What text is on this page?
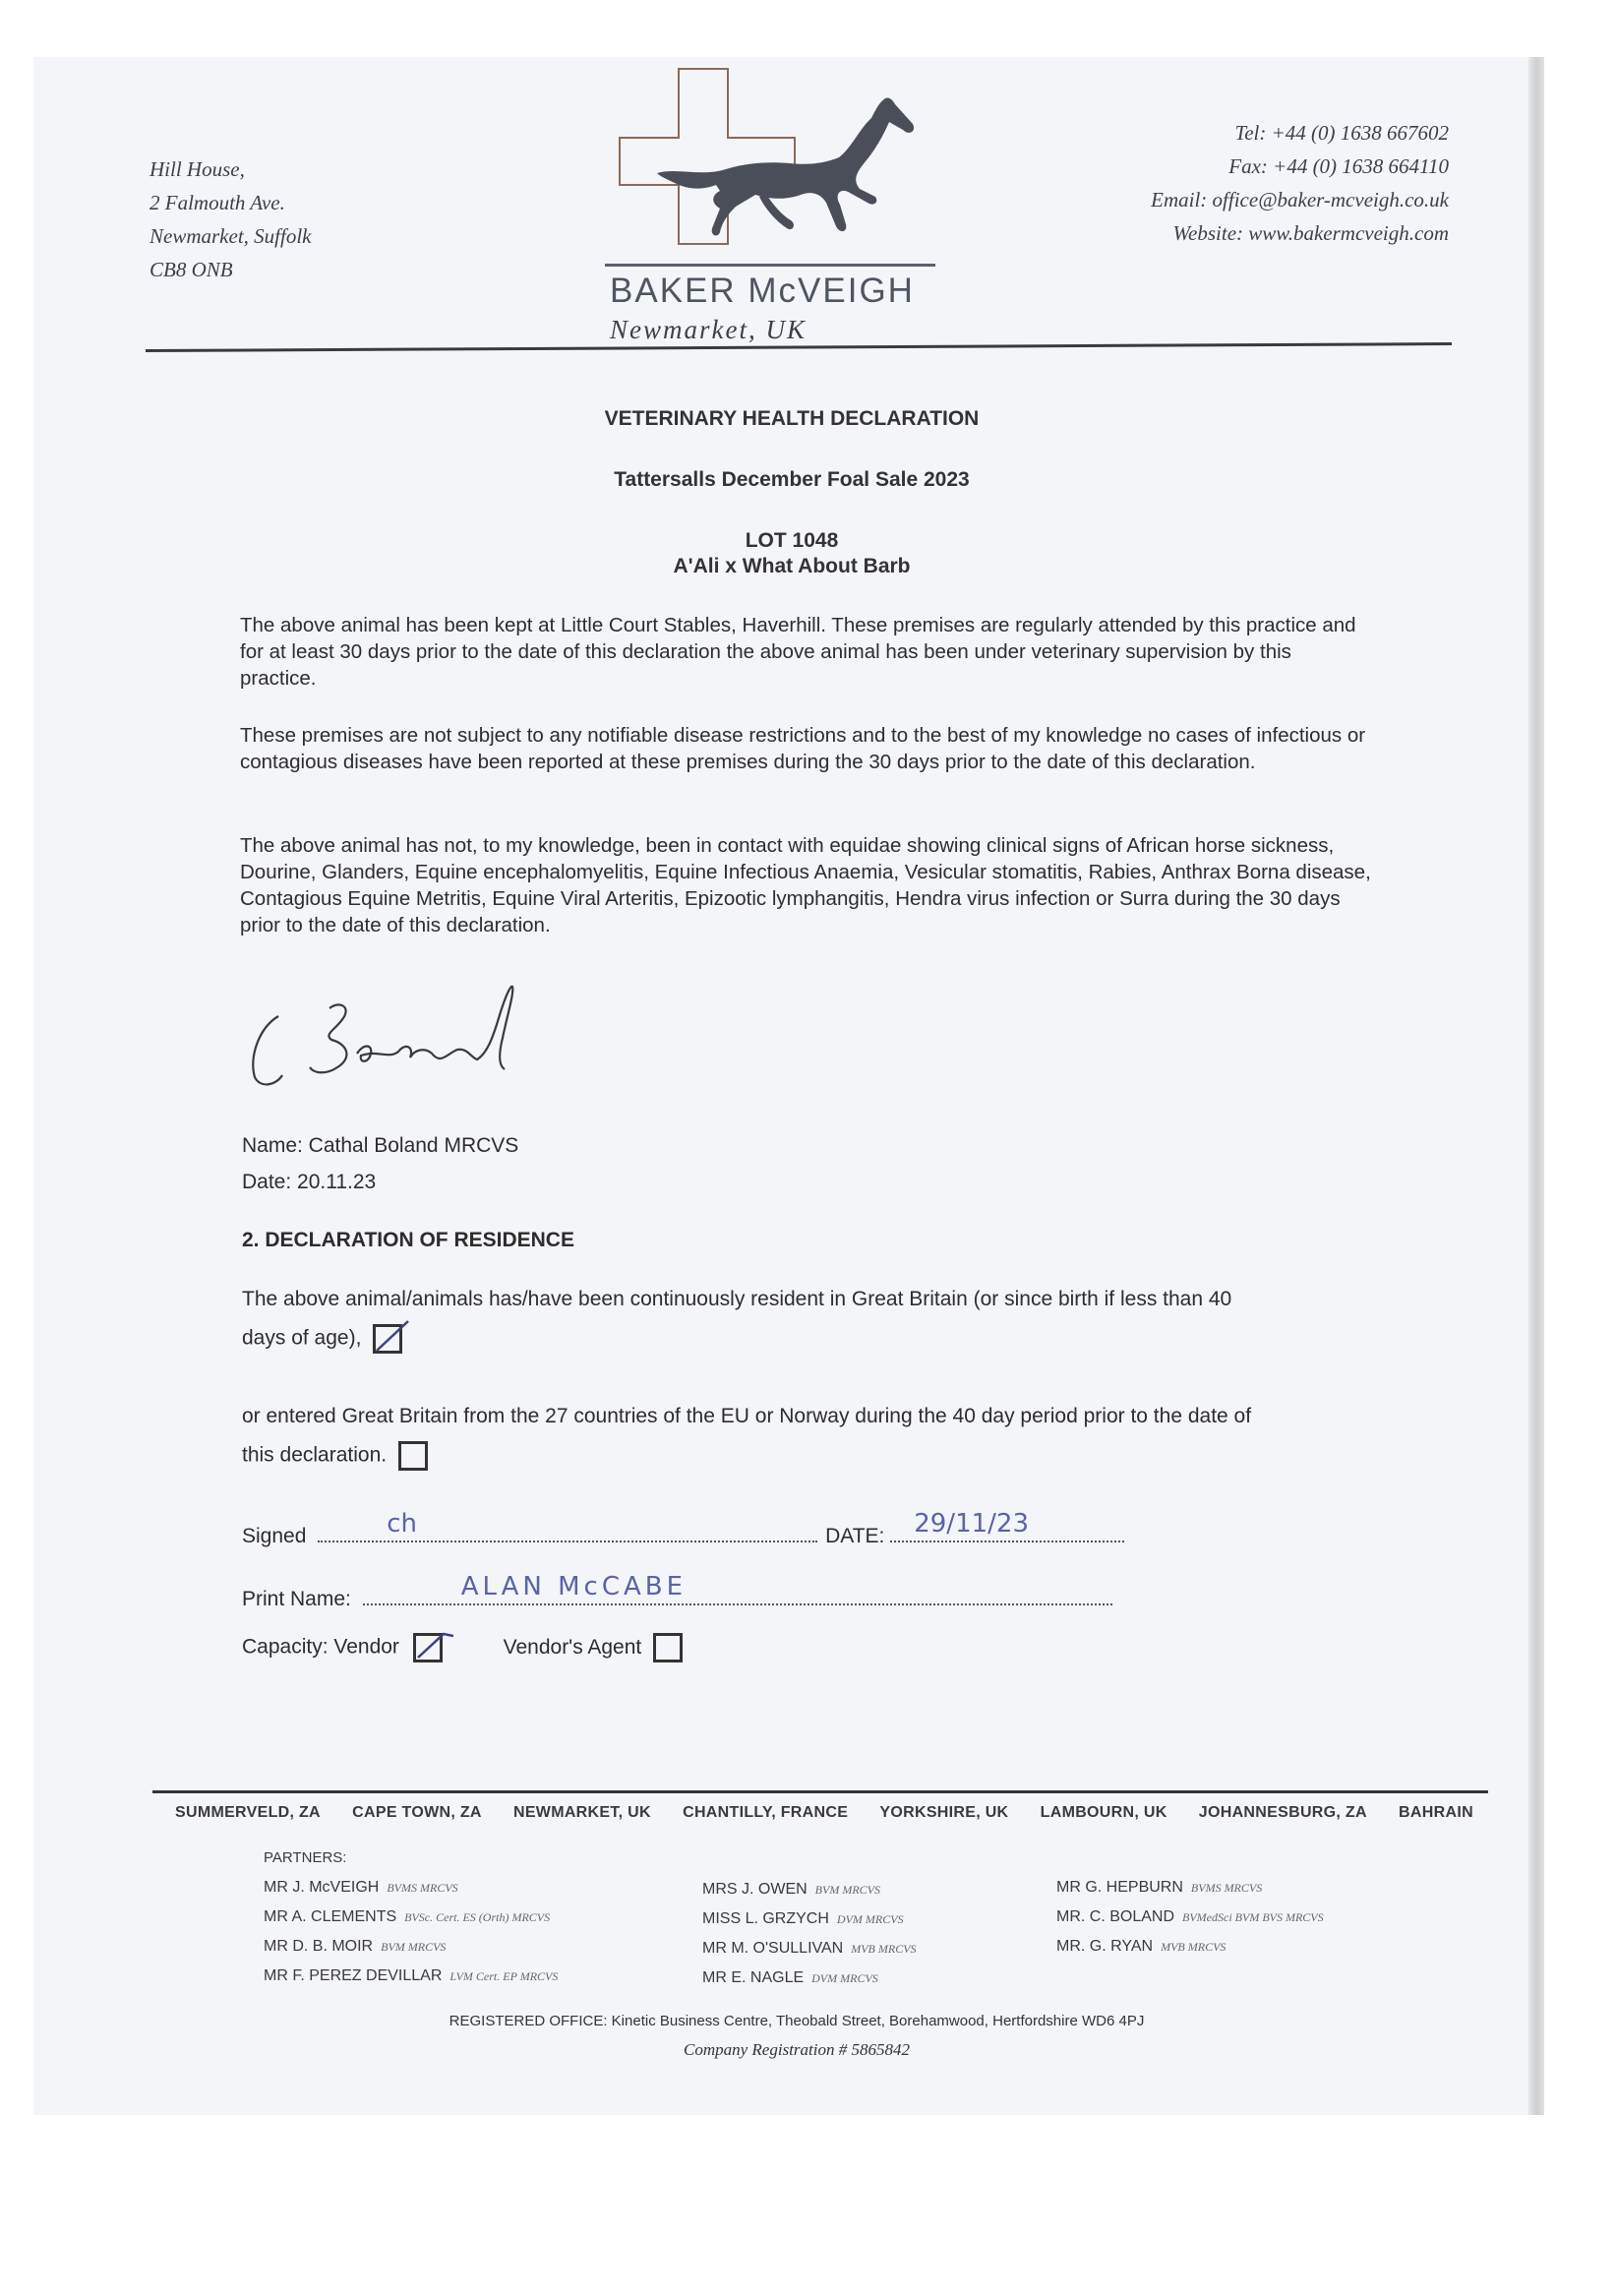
Hill House,
2 Falmouth Ave.
Newmarket, Suffolk
CB8 ONB
BAKER McVEIGH
Newmarket, UK
Tel: +44 (0) 1638 667602
Fax: +44 (0) 1638 664110
Email: office@baker-mcveigh.co.uk
Website: www.bakermcveigh.com
VETERINARY HEALTH DECLARATION
Tattersalls December Foal Sale 2023
LOT 1048
A'Ali x What About Barb
The above animal has been kept at Little Court Stables, Haverhill. These premises are regularly attended by this practice and for at least 30 days prior to the date of this declaration the above animal has been under veterinary supervision by this practice.
These premises are not subject to any notifiable disease restrictions and to the best of my knowledge no cases of infectious or contagious diseases have been reported at these premises during the 30 days prior to the date of this declaration.
The above animal has not, to my knowledge, been in contact with equidae showing clinical signs of African horse sickness, Dourine, Glanders, Equine encephalomyelitis, Equine Infectious Anaemia, Vesicular stomatitis, Rabies, Anthrax Borna disease, Contagious Equine Metritis, Equine Viral Arteritis, Epizootic lymphangitis, Hendra virus infection or Surra during the 30 days prior to the date of this declaration.
C Boland
Name: Cathal Boland MRCVS
Date: 20.11.23
2. DECLARATION OF RESIDENCE
The above animal/animals has/have been continuously resident in Great Britain (or since birth if less than 40
days of age),
or entered Great Britain from the 27 countries of the EU or Norway during the 40 day period prior to the date of
this declaration.
Signed	ch	DATE: 29/11/23
Print Name:	ALAN McCABE
Capacity: Vendor	Vendor's Agent
SUMMERVELD, ZA CAPE TOWN, ZA NEWMARKET, UK CHANTILLY, FRANCE YORKSHIRE, UK LAMBOURN, UK JOHANNESBURG, ZA BAHRAIN
PARTNERS:
MR J. McVEIGH BVMS MRCVS
MR A. CLEMENTS BVSc. Cert. ES (Orth) MRCVS
MR D. B. MOIR BVM MRCVS
MR F. PEREZ DEVILLAR LVM Cert. EP MRCVS
MRS J. OWEN BVM MRCVS
MISS L. GRZYCH DVM MRCVS
MR M. O'SULLIVAN MVB MRCVS
MR E. NAGLE DVM MRCVS
MR G. HEPBURN BVMS MRCVS
MR. C. BOLAND BVMedSci BVM BVS MRCVS
MR. G. RYAN MVB MRCVS
REGISTERED OFFICE: Kinetic Business Centre, Theobald Street, Borehamwood, Hertfordshire WD6 4PJ
Company Registration # 5865842
